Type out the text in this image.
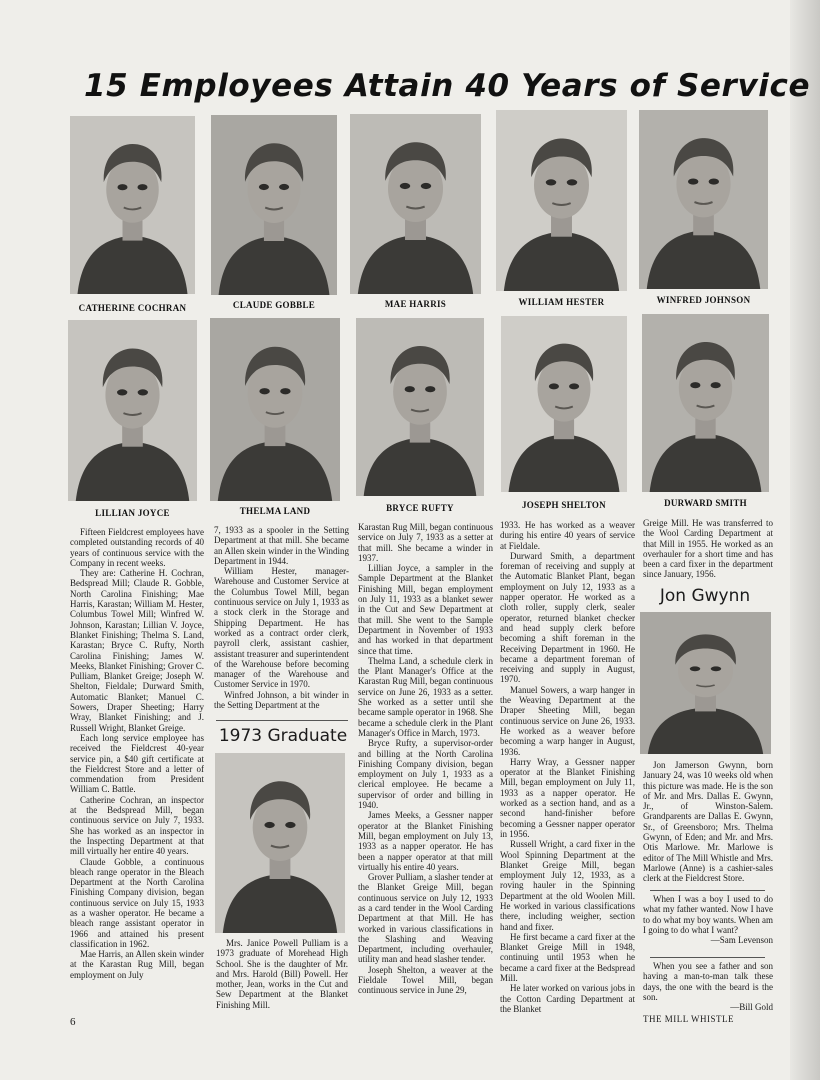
15 Employees Attain 40 Years of Service
CATHERINE COCHRAN	CLAUDE GOBBLE	MAE HARRIS	WILLIAM HESTER	WINFRED JOHNSON
LILLIAN JOYCE	THELMA LAND	BRYCE RUFTY	JOSEPH SHELTON	DURWARD SMITH

Fifteen Fieldcrest employees have completed outstanding records of 40 years of continuous service with the Company in recent weeks.

They are: Catherine H. Cochran, Bedspread Mill; Claude R. Gobble, North Carolina Finishing; Mae Harris, Karastan; William M. Hester, Columbus Towel Mill; Winfred W. Johnson, Karastan; Lillian V. Joyce, Blanket Finishing; Thelma S. Land, Karastan; Bryce C. Rufty, North Carolina Finishing; James W. Meeks, Blanket Finishing; Grover C. Pulliam, Blanket Greige; Joseph W. Shelton, Fieldale; Durward Smith, Automatic Blanket; Manuel C. Sowers, Draper Sheeting; Harry Wray, Blanket Finishing; and J. Russell Wright, Blanket Greige.

Each long service employee has received the Fieldcrest 40-year service pin, a $40 gift certificate at the Fieldcrest Store and a letter of commendation from President William C. Battle.

Catherine Cochran, an inspector at the Bedspread Mill, began continuous service on July 7, 1933. She has worked as an inspector in the Inspecting Department at that mill virtually her entire 40 years.

Claude Gobble, a continuous bleach range operator in the Bleach Department at the North Carolina Finishing Company division, began continuous service on July 15, 1933 as a washer operator. He became a bleach range assistant operator in 1966 and attained his present classification in 1962.

Mae Harris, an Allen skein winder at the Karastan Rug Mill, began employment on July

7, 1933 as a spooler in the Setting Department at that mill. She became an Allen skein winder in the Winding Department in 1944.

William Hester, manager-Warehouse and Customer Service at the Columbus Towel Mill, began continuous service on July 1, 1933 as a stock clerk in the Storage and Shipping Department. He has worked as a contract order clerk, payroll clerk, assistant cashier, assistant treasurer and superintendent of the Warehouse before becoming manager of the Warehouse and Customer Service in 1970.

Winfred Johnson, a bit winder in the Setting Department at the

1973 Graduate

Mrs. Janice Powell Pulliam is a 1973 graduate of Morehead High School. She is the daughter of Mr. and Mrs. Harold (Bill) Powell. Her mother, Jean, works in the Cut and Sew Department at the Blanket Finishing Mill.

Karastan Rug Mill, began continuous service on July 7, 1933 as a setter at that mill. She became a winder in 1937.

Lillian Joyce, a sampler in the Sample Department at the Blanket Finishing Mill, began employment on July 11, 1933 as a blanket sewer in the Cut and Sew Department at that mill. She went to the Sample Department in November of 1933 and has worked in that department since that time.

Thelma Land, a schedule clerk in the Plant Manager's Office at the Karastan Rug Mill, began continuous service on June 26, 1933 as a setter. She worked as a setter until she became sample operator in 1968. She became a schedule clerk in the Plant Manager's Office in March, 1973.

Bryce Rufty, a supervisor-order and billing at the North Carolina Finishing Company division, began employment on July 1, 1933 as a clerical employee. He became a supervisor of order and billing in 1940.

James Meeks, a Gessner napper operator at the Blanket Finishing Mill, began employment on July 13, 1933 as a napper operator. He has been a napper operator at that mill virtually his entire 40 years.

Grover Pulliam, a slasher tender at the Blanket Greige Mill, began continuous service on July 12, 1933 as a card tender in the Wool Carding Department at that Mill. He has worked in various classifications in the Slashing and Weaving Department, including overhauler, utility man and head slasher tender.

Joseph Shelton, a weaver at the Fieldale Towel Mill, began continuous service in June 29,

1933. He has worked as a weaver during his entire 40 years of service at Fieldale.

Durward Smith, a department foreman of receiving and supply at the Automatic Blanket Plant, began employment on July 12, 1933 as a napper operator. He worked as a cloth roller, supply clerk, sealer operator, returned blanket checker and head supply clerk before becoming a shift foreman in the Receiving Department in 1960. He became a department foreman of receiving and supply in August, 1970.

Manuel Sowers, a warp hanger in the Weaving Department at the Draper Sheeting Mill, began continuous service on June 26, 1933. He worked as a weaver before becoming a warp hanger in August, 1936.

Harry Wray, a Gessner napper operator at the Blanket Finishing Mill, began employment on July 11, 1933 as a napper operator. He worked as a section hand, and as a second hand-finisher before becoming a Gessner napper operator in 1956.

Russell Wright, a card fixer in the Wool Spinning Department at the Blanket Greige Mill, began employment July 12, 1933, as a roving hauler in the Spinning Department at the old Woolen Mill. He worked in various classifications there, including weigher, section hand and fixer.

He first became a card fixer at the Blanket Greige Mill in 1948, continuing until 1953 when he became a card fixer at the Bedspread Mill.

He later worked on various jobs in the Cotton Carding Department at the Blanket

Greige Mill. He was transferred to the Wool Carding Department at that Mill in 1955. He worked as an overhauler for a short time and has been a card fixer in the department since January, 1956.

Jon Gwynn

Jon Jamerson Gwynn, born January 24, was 10 weeks old when this picture was made. He is the son of Mr. and Mrs. Dallas E. Gwynn, Jr., of Winston-Salem. Grandparents are Dallas E. Gwynn, Sr., of Greensboro; Mrs. Thelma Gwynn, of Eden; and Mr. and Mrs. Otis Marlowe. Mr. Marlowe is editor of The Mill Whistle and Mrs. Marlowe (Anne) is a cashier-sales clerk at the Fieldcrest Store.

When I was a boy I used to do what my father wanted. Now I have to do what my boy wants. When am I going to do what I want?

—Sam Levenson

When you see a father and son having a man-to-man talk these days, the one with the beard is the son.

—Bill Gold

6	THE MILL WHISTLE
